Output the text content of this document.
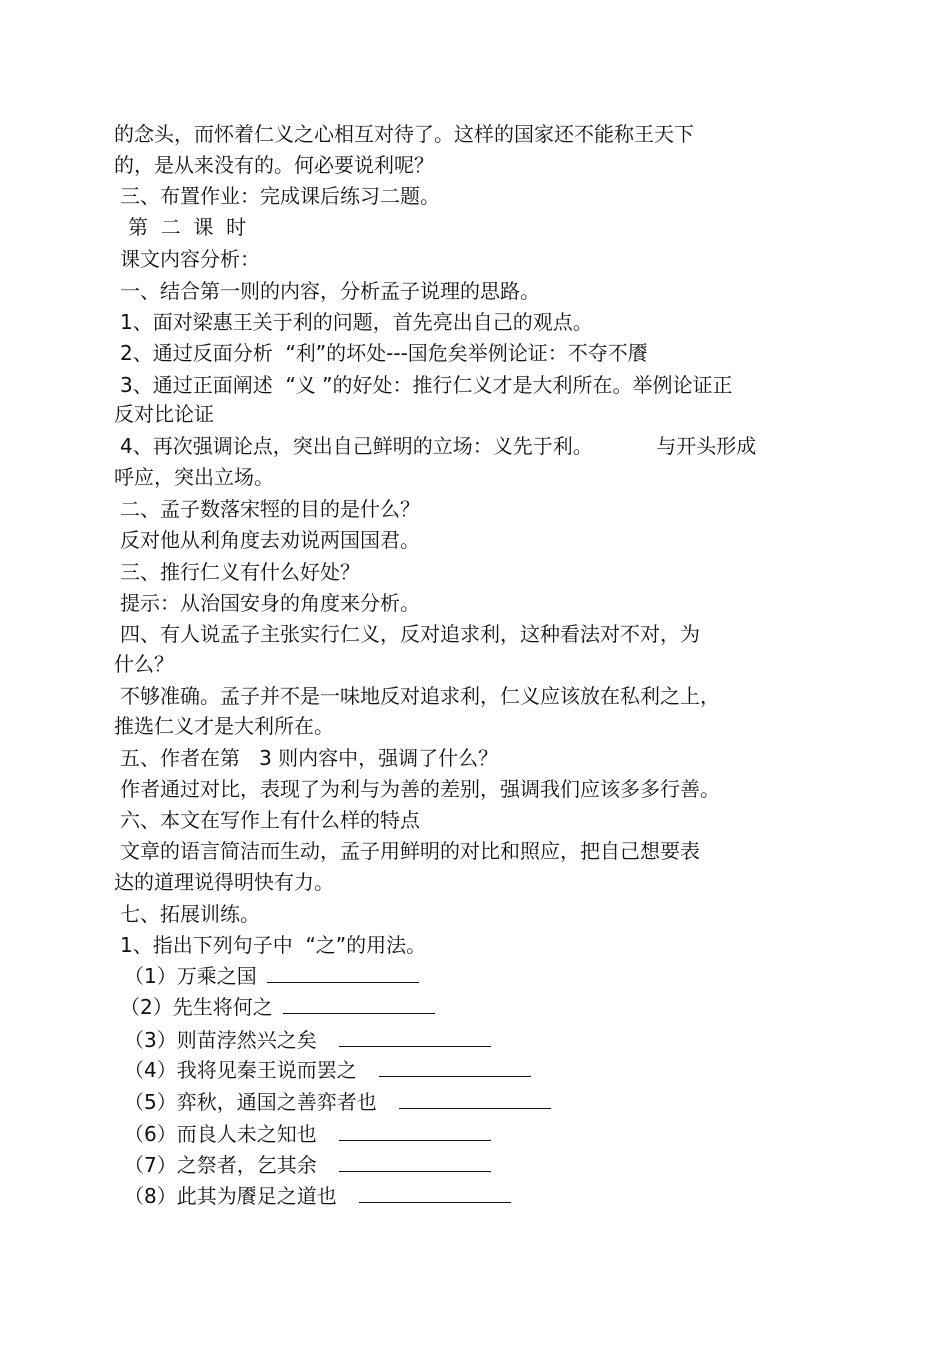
的念头，而怀着仁义之心相互对待了。这样的国家还不能称王天下
的，是从来没有的。何必要说利呢？
三、布置作业：完成课后练习二题。
第  二  课  时
课文内容分析：
一、结合第一则的内容，分析孟子说理的思路。
1、面对梁惠王关于利的问题，首先亮出自己的观点。
2、通过反面分析  “利”的坏处---国危矣举例论证：不夺不餍
3、通过正面阐述  “义 ”的好处：推行仁义才是大利所在。举例论证正
反对比论证
4、再次强调论点，突出自己鲜明的立场：义先于利。          与开头形成
呼应，突出立场。
二、孟子数落宋牼的目的是什么？
反对他从利角度去劝说两国国君。
三、推行仁义有什么好处？
提示：从治国安身的角度来分析。
四、有人说孟子主张实行仁义，反对追求利，这种看法对不对，为
什么？
不够准确。孟子并不是一味地反对追求利，仁义应该放在私利之上，
推选仁义才是大利所在。
五、作者在第   3 则内容中，强调了什么？
作者通过对比，表现了为利与为善的差别，强调我们应该多多行善。
六、本文在写作上有什么样的特点
文章的语言简洁而生动，孟子用鲜明的对比和照应，把自己想要表
达的道理说得明快有力。
七、拓展训练。
1、指出下列句子中  “之”的用法。
（1）万乘之国
（2）先生将何之
（3）则苗浡然兴之矣
（4）我将见秦王说而罢之
（5）弈秋，通国之善弈者也
（6）而良人未之知也
（7）之祭者，乞其余
（8）此其为餍足之道也
